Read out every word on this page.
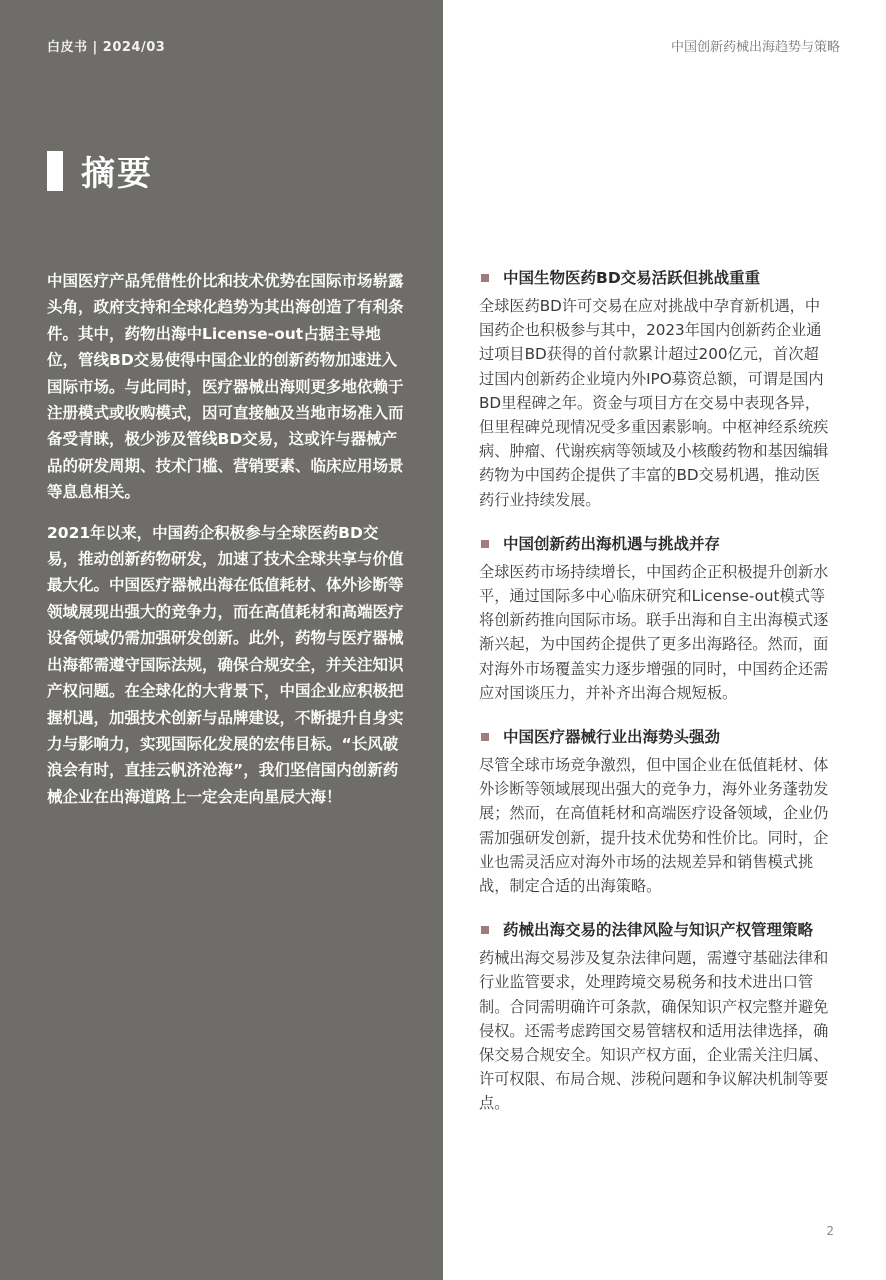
白皮书 | 2024/03	中国创新药械出海趋势与策略
摘要

中国医疗产品凭借性价比和技术优势在国际市场崭露头角，政府支持和全球化趋势为其出海创造了有利条件。其中，药物出海中License-out占据主导地位，管线BD交易使得中国企业的创新药物加速进入国际市场。与此同时，医疗器械出海则更多地依赖于注册模式或收购模式，因可直接触及当地市场准入而备受青睐，极少涉及管线BD交易，这或许与器械产品的研发周期、技术门槛、营销要素、临床应用场景等息息相关。

2021年以来，中国药企积极参与全球医药BD交易，推动创新药物研发，加速了技术全球共享与价值最大化。中国医疗器械出海在低值耗材、体外诊断等领域展现出强大的竞争力，而在高值耗材和高端医疗设备领域仍需加强研发创新。此外，药物与医疗器械出海都需遵守国际法规，确保合规安全，并关注知识产权问题。在全球化的大背景下，中国企业应积极把握机遇，加强技术创新与品牌建设，不断提升自身实力与影响力，实现国际化发展的宏伟目标。“长风破浪会有时，直挂云帆济沧海”，我们坚信国内创新药械企业在出海道路上一定会走向星辰大海！

中国生物医药BD交易活跃但挑战重重

全球医药BD许可交易在应对挑战中孕育新机遇，中国药企也积极参与其中，2023年国内创新药企业通过项目BD获得的首付款累计超过200亿元，首次超过国内创新药企业境内外IPO募资总额，可谓是国内BD里程碑之年。资金与项目方在交易中表现各异，但里程碑兑现情况受多重因素影响。中枢神经系统疾病、肿瘤、代谢疾病等领域及小核酸药物和基因编辑药物为中国药企提供了丰富的BD交易机遇，推动医药行业持续发展。

中国创新药出海机遇与挑战并存

全球医药市场持续增长，中国药企正积极提升创新水平，通过国际多中心临床研究和License-out模式等将创新药推向国际市场。联手出海和自主出海模式逐渐兴起，为中国药企提供了更多出海路径。然而，面对海外市场覆盖实力逐步增强的同时，中国药企还需应对国谈压力，并补齐出海合规短板。

中国医疗器械行业出海势头强劲

尽管全球市场竞争激烈，但中国企业在低值耗材、体外诊断等领域展现出强大的竞争力，海外业务蓬勃发展；然而，在高值耗材和高端医疗设备领域，企业仍需加强研发创新，提升技术优势和性价比。同时，企业也需灵活应对海外市场的法规差异和销售模式挑战，制定合适的出海策略。

药械出海交易的法律风险与知识产权管理策略

药械出海交易涉及复杂法律问题，需遵守基础法律和行业监管要求，处理跨境交易税务和技术进出口管制。合同需明确许可条款，确保知识产权完整并避免侵权。还需考虑跨国交易管辖权和适用法律选择，确保交易合规安全。知识产权方面，企业需关注归属、许可权限、布局合规、涉税问题和争议解决机制等要点。

2
